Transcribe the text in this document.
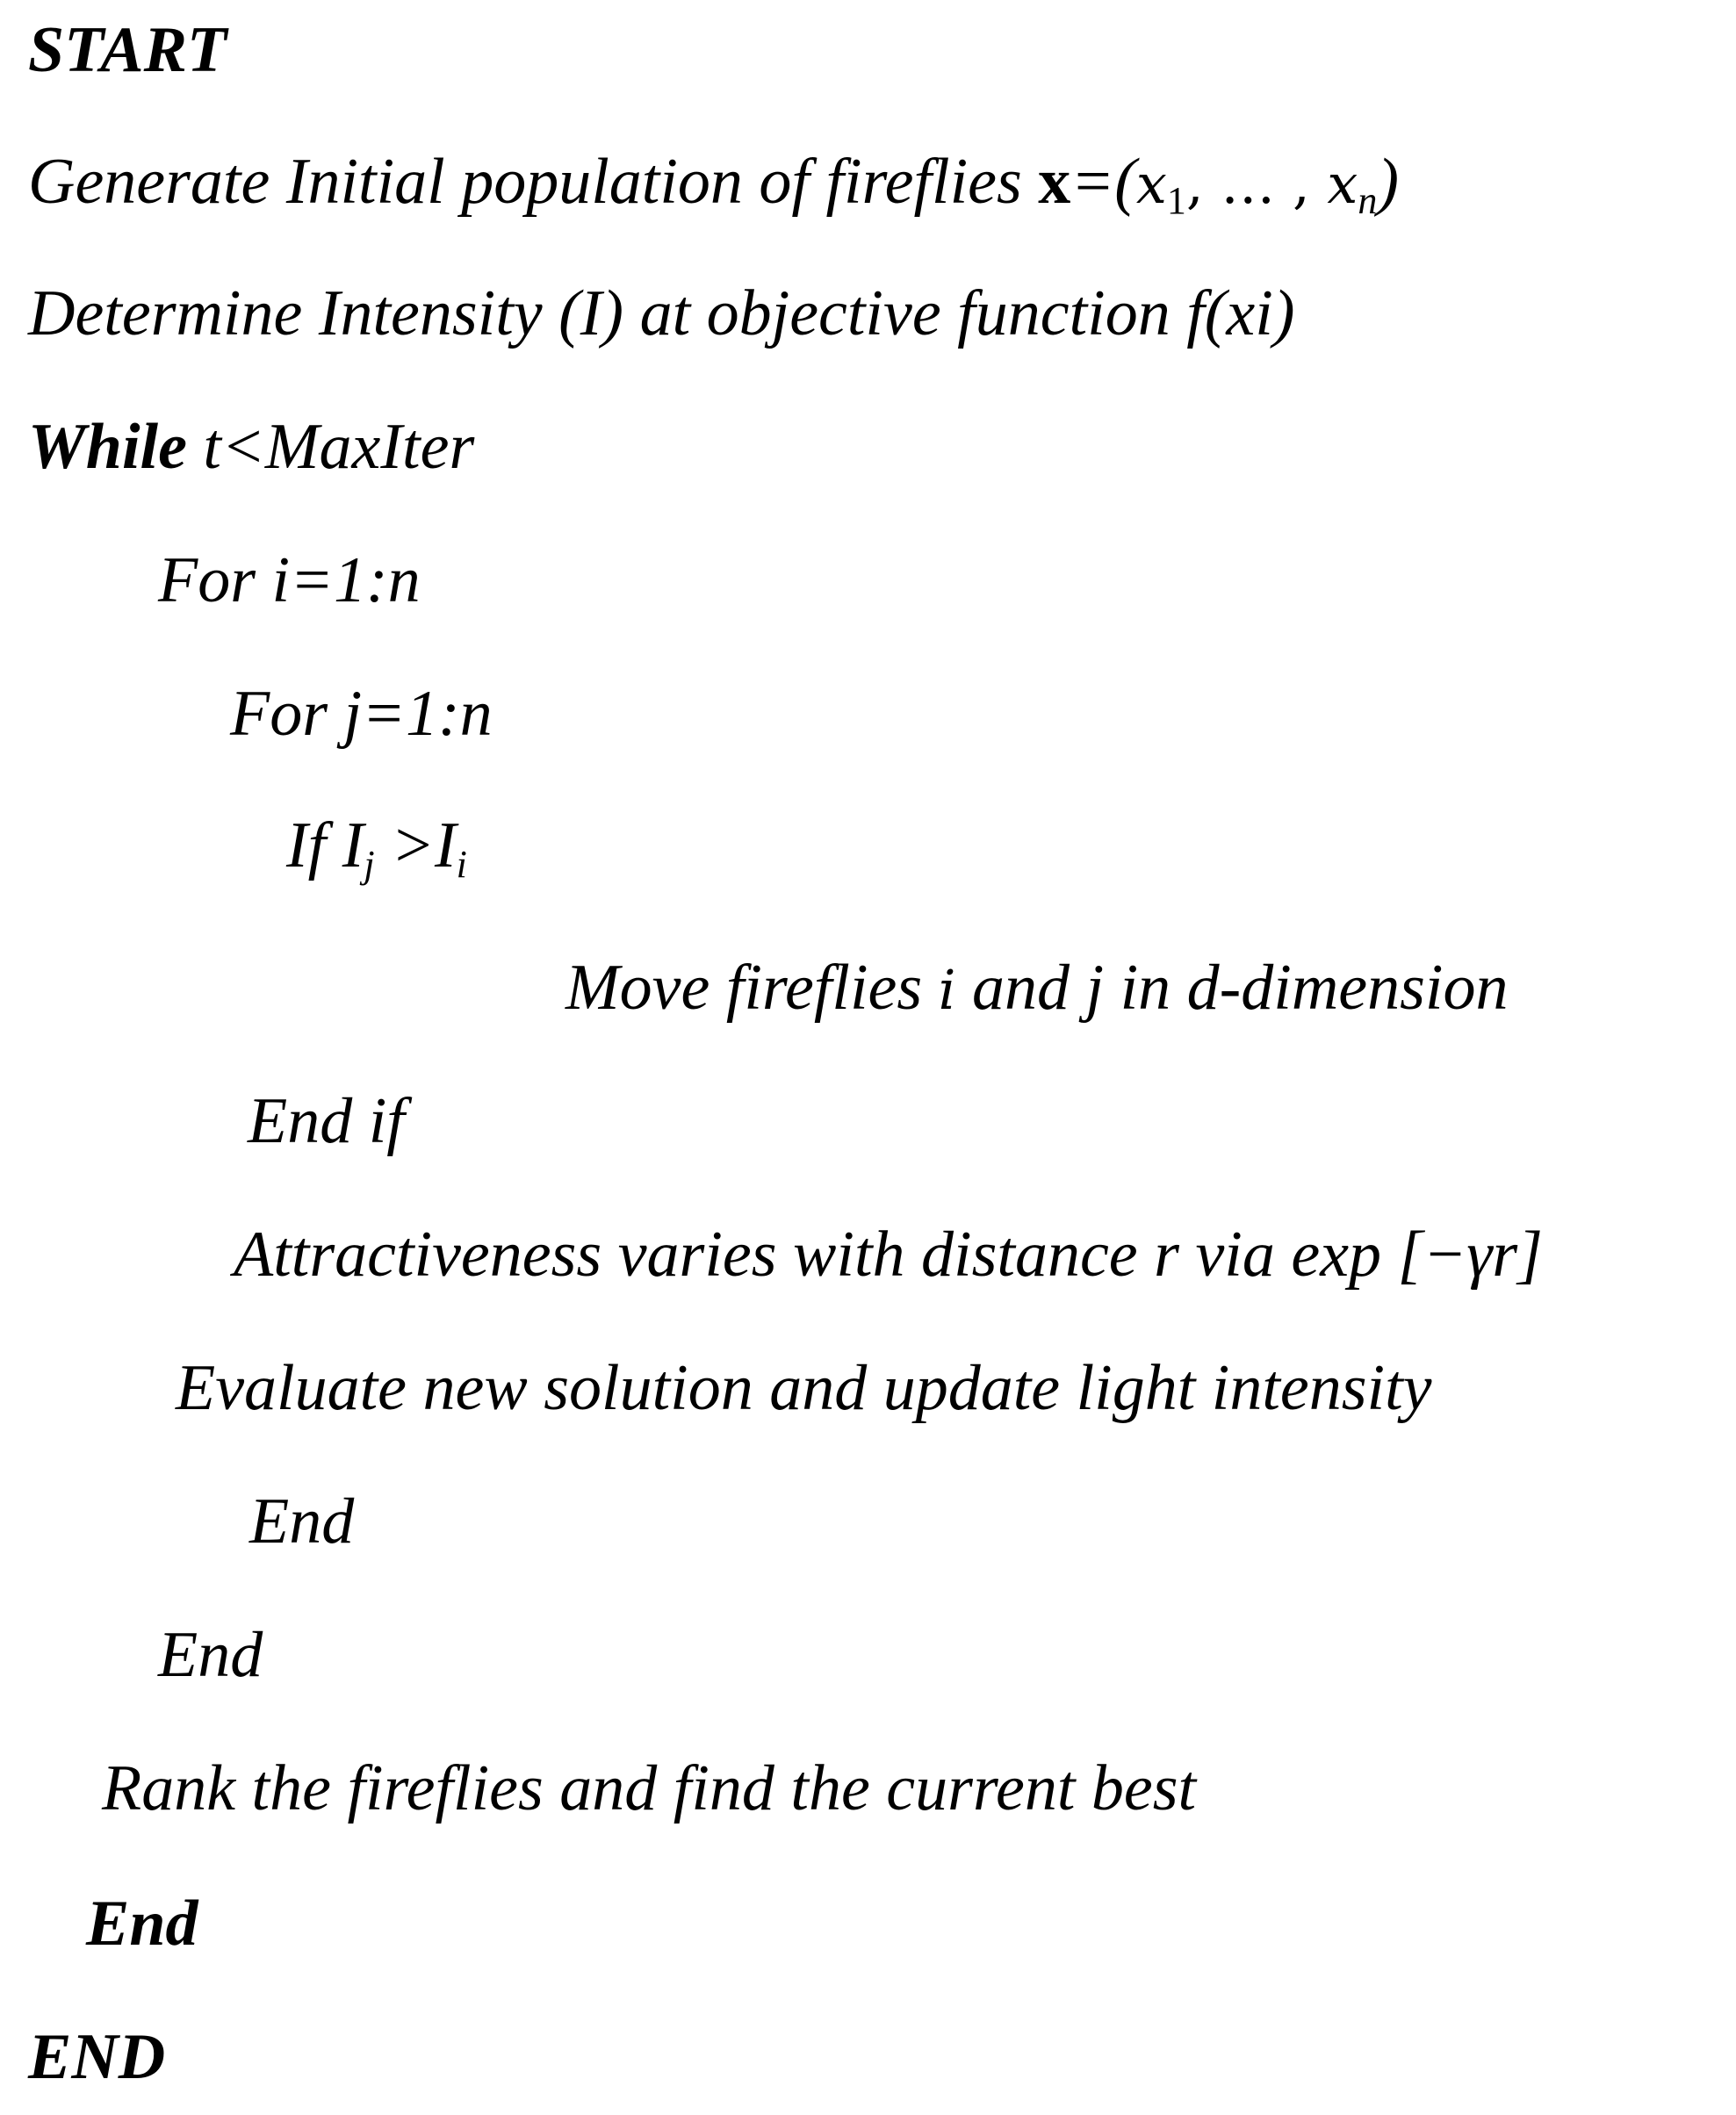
START
Generate Initial population of fireflies $x=(x_1$, … , $x_n$)
Determine Intensity (I) at objective function f(xi)
While t<MaxIter
For i=1:n
For j=1:n
If $I_j >I_i$
Move fireflies i and j in d-dimension
End if
Attractiveness varies with distance r via exp [−γr]
Evaluate new solution and update light intensity
End
End
Rank the fireflies and find the current best
End
END
